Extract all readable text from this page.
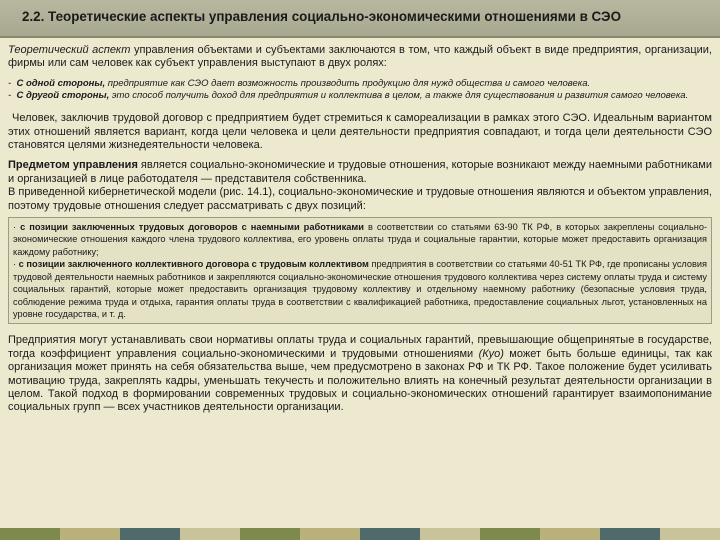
2.2. Теоретические аспекты управления социально-экономическими отношениями в СЭО

Теоретический аспект управления объектами и субъектами заключаются в том, что каждый объект в виде предприятия, организации, фирмы или сам человек как субъект управления выступают в двух ролях:

- С одной стороны, предприятие как СЭО дает возможность производить продукцию для нужд общества и самого человека.

- С другой стороны, это способ получить доход для предприятия и коллектива в целом, а также для существования и развития самого человека.

Человек, заключив трудовой договор с предприятием будет стремиться к самореализации в рамках этого СЭО. Идеальным вариантом этих отношений является вариант, когда цели человека и цели деятельности предприятия совпадают, и тогда цели деятельности СЭО становятся целями жизнедеятельности человека.

Предметом управления является социально-экономические и трудовые отношения, которые возникают между наемными работниками и организацией в лице работодателя — представителя собственника.

В приведенной кибернетической модели (рис. 14.1), социально-экономические и трудовые отношения являются и объектом управления, поэтому трудовые отношения следует рассматривать с двух позиций:

· с позиции заключенных трудовых договоров с наемными работниками в соответствии со статьями 63-90 ТК РФ, в которых закреплены социально-экономические отношения каждого члена трудового коллектива, его уровень оплаты труда и социальные гарантии, которые может предоставить организация каждому работнику;

· с позиции заключенного коллективного договора с трудовым коллективом предприятия в соответствии со статьями 40-51 ТК РФ, где прописаны условия трудовой деятельности наемных работников и закрепляются социально-экономические отношения трудового коллектива через систему оплаты труда и систему социальных гарантий, которые может предоставить организация трудовому коллективу и отдельному наемному работнику (безопасные условия труда, соблюдение режима труда и отдыха, гарантия оплаты труда в соответствии с квалификацией работника, предоставление социальных льгот, установленных на уровне государства, и т. д.

Предприятия могут устанавливать свои нормативы оплаты труда и социальных гарантий, превышающие общепринятые в государстве, тогда коэффициент управления социально-экономическими и трудовыми отношениями (Куо) может быть больше единицы, так как организация может принять на себя обязательства выше, чем предусмотрено в законах РФ и ТК РФ. Такое положение будет усиливать мотивацию труда, закреплять кадры, уменьшать текучесть и положительно влиять на конечный результат деятельности организации в целом. Такой подход в формировании современных трудовых и социально-экономических отношений гарантирует взаимопонимание социальных групп — всех участников деятельности организации.
